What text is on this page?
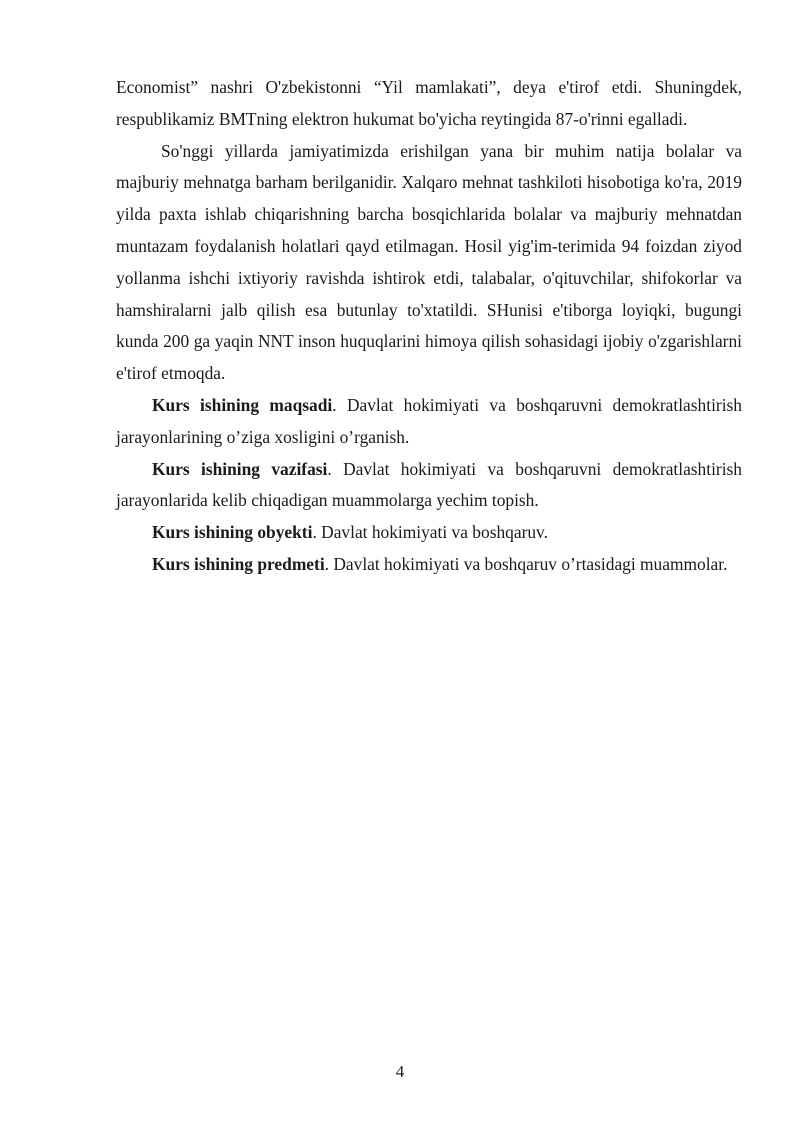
Economist” nashri O'zbekistonni “Yil mamlakati”, deya e'tirof etdi. Shuningdek, respublikamiz BMTning elektron hukumat bo'yicha reytingida 87-o'rinni egalladi.

So'nggi yillarda jamiyatimizda erishilgan yana bir muhim natija bolalar va majburiy mehnatga barham berilganidir. Xalqaro mehnat tashkiloti hisobotiga ko'ra, 2019 yilda paxta ishlab chiqarishning barcha bosqichlarida bolalar va majburiy mehnatdan muntazam foydalanish holatlari qayd etilmagan. Hosil yig'im-terimida 94 foizdan ziyod yollanma ishchi ixtiyoriy ravishda ishtirok etdi, talabalar, o'qituvchilar, shifokorlar va hamshiralarni jalb qilish esa butunlay to'xtatildi. SHunisi e'tiborga loyiqki, bugungi kunda 200 ga yaqin NNT inson huquqlarini himoya qilish sohasidagi ijobiy o'zgarishlarni e'tirof etmoqda.

Kurs ishining maqsadi. Davlat hokimiyati va boshqaruvni demokratlashtirish jarayonlarining o’ziga xosligini o’rganish.

Kurs ishining vazifasi. Davlat hokimiyati va boshqaruvni demokratlashtirish jarayonlarida kelib chiqadigan muammolarga yechim topish.

Kurs ishining obyekti. Davlat hokimiyati va boshqaruv.

Kurs ishining predmeti. Davlat hokimiyati va boshqaruv o’rtasidagi muammolar.

4
